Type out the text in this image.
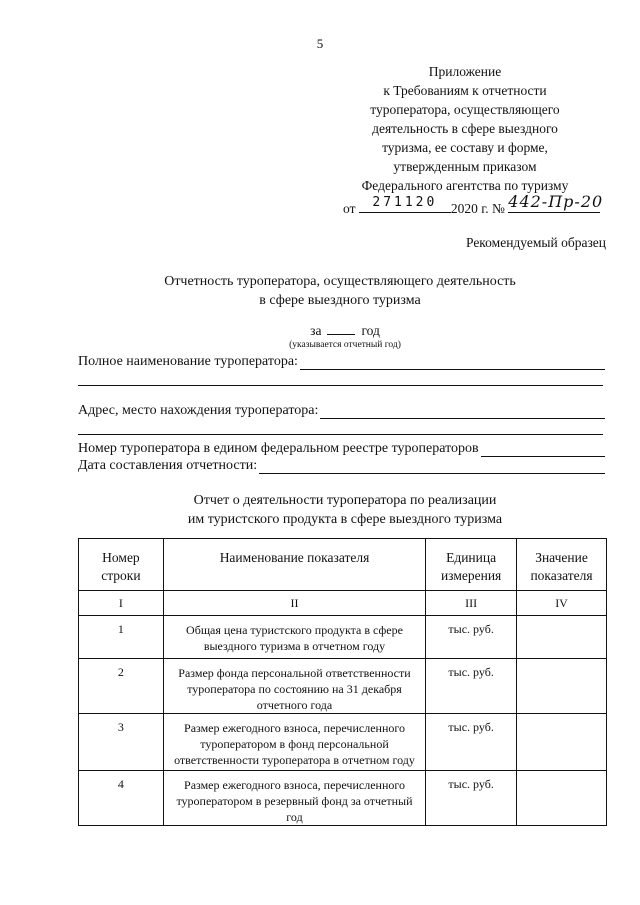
5
Приложение
к Требованиям к отчетности
туроператора, осуществляющего
деятельность в сфере выездного
туризма, ее составу и форме,
утвержденным приказом
Федерального агентства по туризму
от	271120	2020 г. № 442-Пр-20
Рекомендуемый образец
Отчетность туроператора, осуществляющего деятельность
в сфере выездного туризма
за	год
(указывается отчетный год)
Полное наименование туроператора:
Адрес, место нахождения туроператора:
Номер туроператора в едином федеральном реестре туроператоров
Дата составления отчетности:
Отчет о деятельности туроператора по реализации
им туристского продукта в сфере выездного туризма
Номер строки	Наименование показателя	Единица измерения	Значение показателя
I	II	III	IV
1	Общая цена туристского продукта в сфере выездного туризма в отчетном году	тыс. руб.	
2	Размер фонда персональной ответственности туроператора по состоянию на 31 декабря отчетного года	тыс. руб.	
3	Размер ежегодного взноса, перечисленного туроператором в фонд персональной ответственности туроператора в отчетном году	тыс. руб.	
4	Размер ежегодного взноса, перечисленного туроператором в резервный фонд за отчетный год	тыс. руб.	
